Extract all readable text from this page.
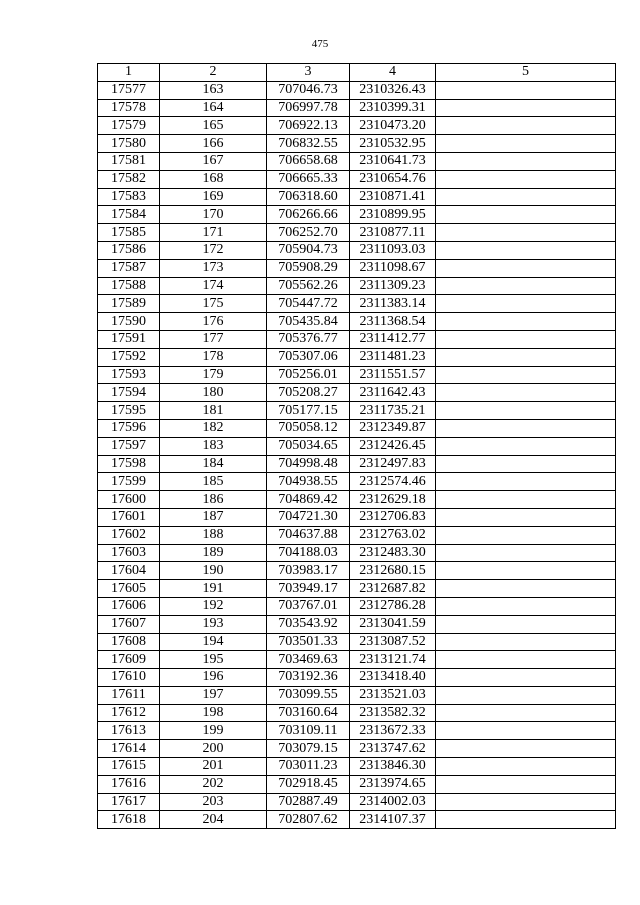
475
1	2	3	4	5
17577	163	707046.73	2310326.43	
17578	164	706997.78	2310399.31	
17579	165	706922.13	2310473.20	
17580	166	706832.55	2310532.95	
17581	167	706658.68	2310641.73	
17582	168	706665.33	2310654.76	
17583	169	706318.60	2310871.41	
17584	170	706266.66	2310899.95	
17585	171	706252.70	2310877.11	
17586	172	705904.73	2311093.03	
17587	173	705908.29	2311098.67	
17588	174	705562.26	2311309.23	
17589	175	705447.72	2311383.14	
17590	176	705435.84	2311368.54	
17591	177	705376.77	2311412.77	
17592	178	705307.06	2311481.23	
17593	179	705256.01	2311551.57	
17594	180	705208.27	2311642.43	
17595	181	705177.15	2311735.21	
17596	182	705058.12	2312349.87	
17597	183	705034.65	2312426.45	
17598	184	704998.48	2312497.83	
17599	185	704938.55	2312574.46	
17600	186	704869.42	2312629.18	
17601	187	704721.30	2312706.83	
17602	188	704637.88	2312763.02	
17603	189	704188.03	2312483.30	
17604	190	703983.17	2312680.15	
17605	191	703949.17	2312687.82	
17606	192	703767.01	2312786.28	
17607	193	703543.92	2313041.59	
17608	194	703501.33	2313087.52	
17609	195	703469.63	2313121.74	
17610	196	703192.36	2313418.40	
17611	197	703099.55	2313521.03	
17612	198	703160.64	2313582.32	
17613	199	703109.11	2313672.33	
17614	200	703079.15	2313747.62	
17615	201	703011.23	2313846.30	
17616	202	702918.45	2313974.65	
17617	203	702887.49	2314002.03	
17618	204	702807.62	2314107.37	
